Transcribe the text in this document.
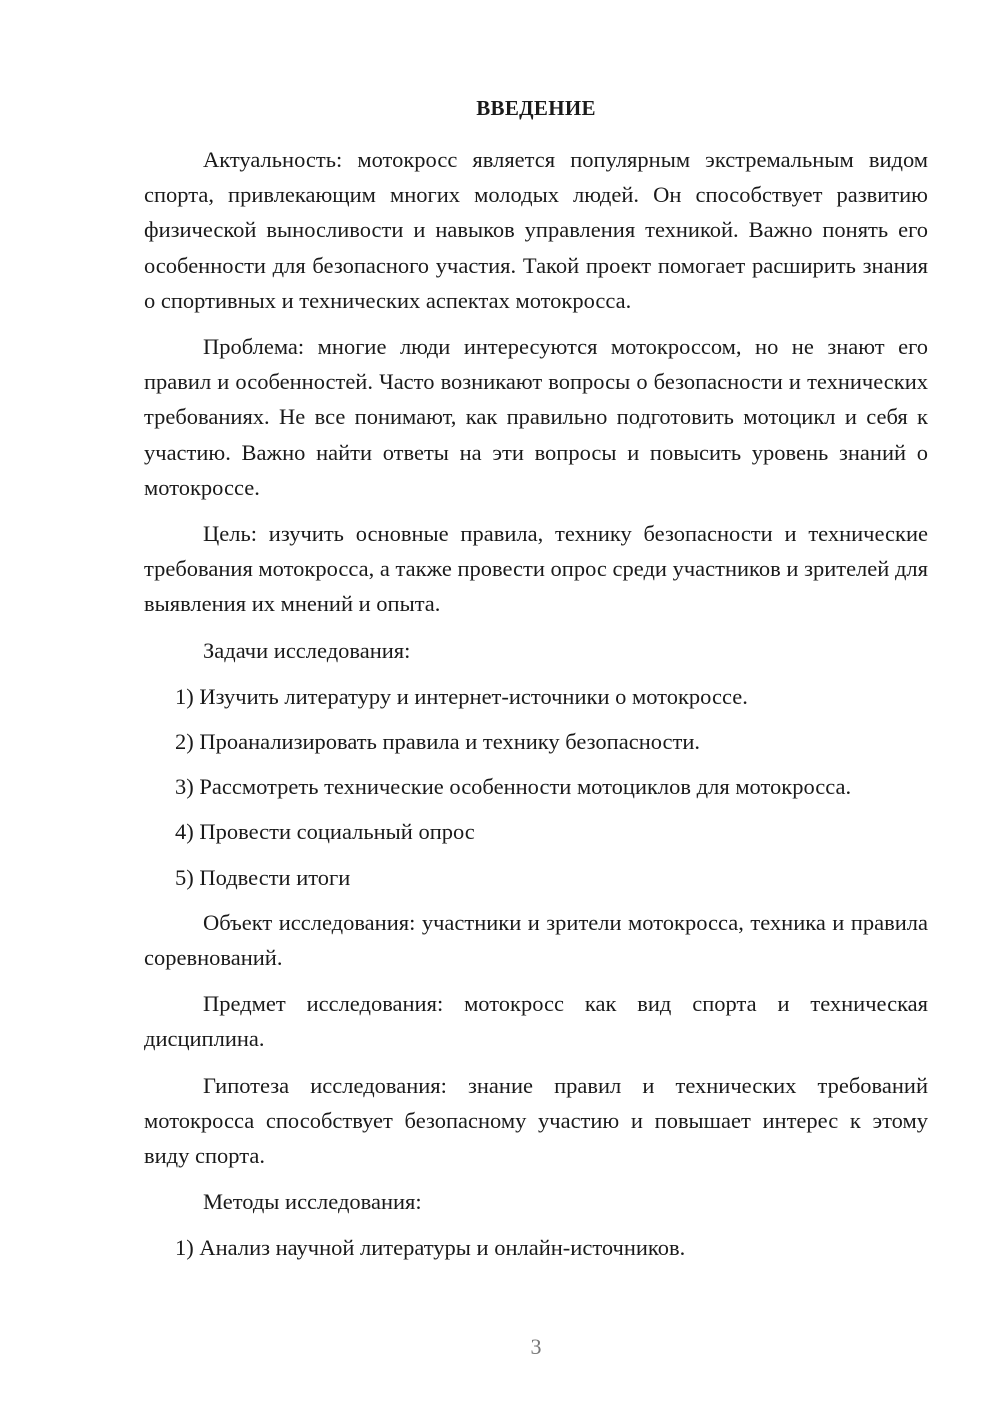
ВВЕДЕНИЕ

Актуальность: мотокросс является популярным экстремальным видом спорта, привлекающим многих молодых людей. Он способствует развитию физической выносливости и навыков управления техникой. Важно понять его особенности для безопасного участия. Такой проект помогает расширить знания о спортивных и технических аспектах мотокросса.

Проблема: многие люди интересуются мотокроссом, но не знают его правил и особенностей. Часто возникают вопросы о безопасности и технических требованиях. Не все понимают, как правильно подготовить мотоцикл и себя к участию. Важно найти ответы на эти вопросы и повысить уровень знаний о мотокроссе.

Цель: изучить основные правила, технику безопасности и технические требования мотокросса, а также провести опрос среди участников и зрителей для выявления их мнений и опыта.

Задачи исследования:

1) Изучить литературу и интернет-источники о мотокроссе.

2) Проанализировать правила и технику безопасности.

3) Рассмотреть технические особенности мотоциклов для мотокросса.

4) Провести социальный опрос

5) Подвести итоги

Объект исследования: участники и зрители мотокросса, техника и правила соревнований.

Предмет исследования: мотокросс как вид спорта и техническая дисциплина.

Гипотеза исследования: знание правил и технических требований мотокросса способствует безопасному участию и повышает интерес к этому виду спорта.

Методы исследования:

1) Анализ научной литературы и онлайн-источников.

3
